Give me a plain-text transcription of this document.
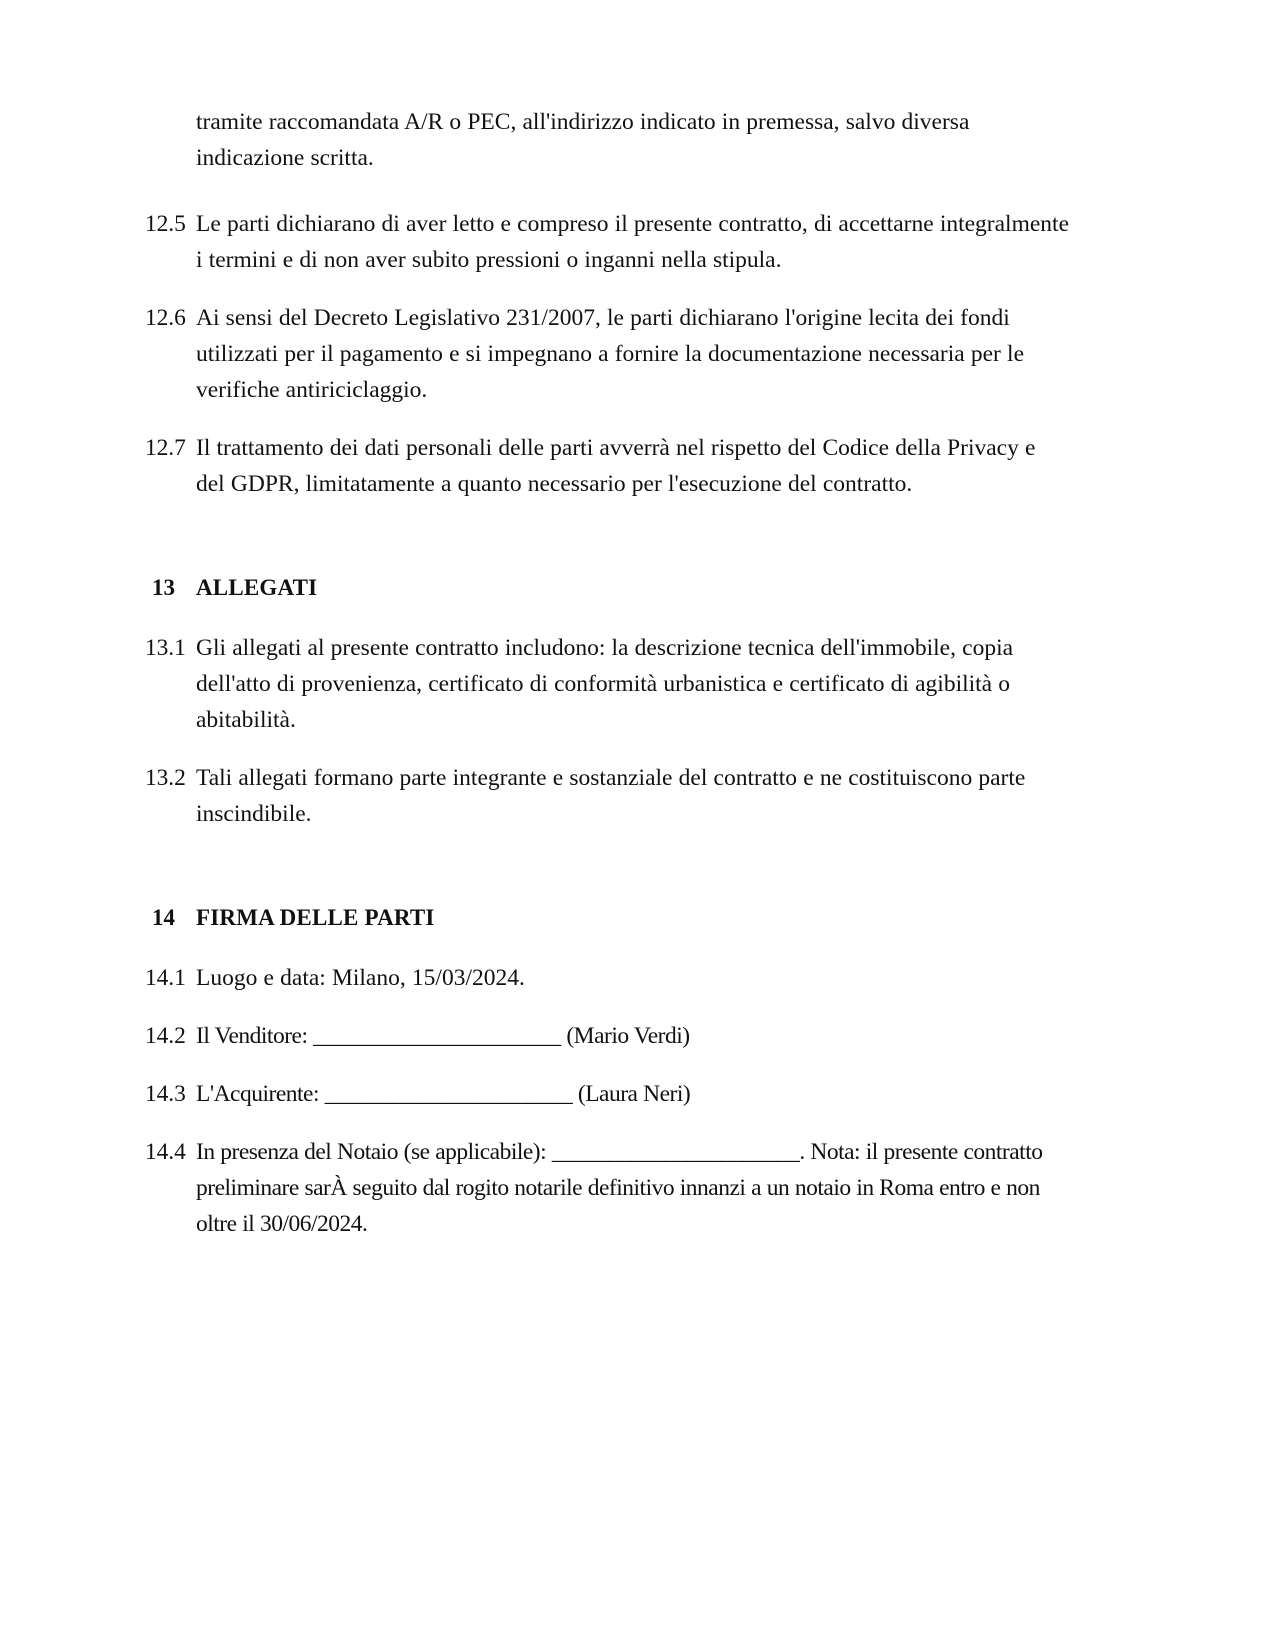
tramite raccomandata A/R o PEC, all'indirizzo indicato in premessa, salvo diversa indicazione scritta.
12.5 Le parti dichiarano di aver letto e compreso il presente contratto, di accettarne integralmente i termini e di non aver subito pressioni o inganni nella stipula.
12.6 Ai sensi del Decreto Legislativo 231/2007, le parti dichiarano l'origine lecita dei fondi utilizzati per il pagamento e si impegnano a fornire la documentazione necessaria per le verifiche antiriciclaggio.
12.7 Il trattamento dei dati personali delle parti avverrà nel rispetto del Codice della Privacy e del GDPR, limitatamente a quanto necessario per l'esecuzione del contratto.
13 ALLEGATI
13.1 Gli allegati al presente contratto includono: la descrizione tecnica dell'immobile, copia dell'atto di provenienza, certificato di conformità urbanistica e certificato di agibilità o abitabilità.
13.2 Tali allegati formano parte integrante e sostanziale del contratto e ne costituiscono parte inscindibile.
14 FIRMA DELLE PARTI
14.1 Luogo e data: Milano, 15/03/2024.
14.2 Il Venditore: ______________________ (Mario Verdi)
14.3 L'Acquirente: ______________________ (Laura Neri)
14.4 In presenza del Notaio (se applicabile): ______________________. Nota: il presente contratto preliminare sarÀ seguito dal rogito notarile definitivo innanzi a un notaio in Roma entro e non oltre il 30/06/2024.
